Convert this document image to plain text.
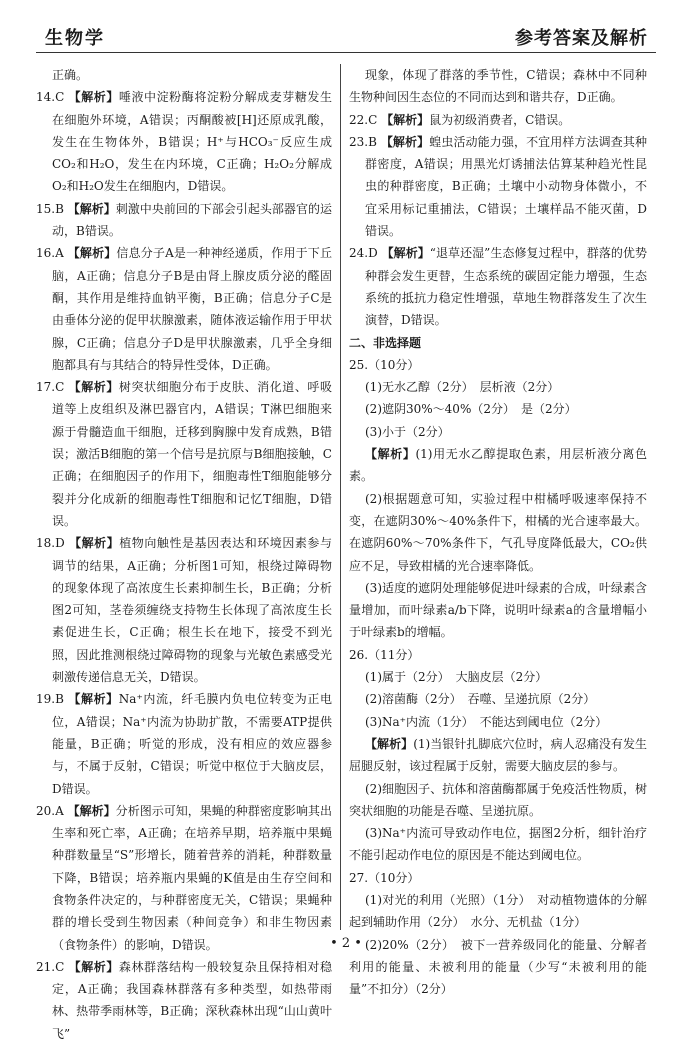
生物学	参考答案及解析

正确。

14.C 【解析】唾液中淀粉酶将淀粉分解成麦芽糖发生在细胞外环境，A错误；丙酮酸被[H]还原成乳酸，发生在生物体外，B错误；H⁺与HCO₃⁻反应生成CO₂和H₂O，发生在内环境，C正确；H₂O₂分解成O₂和H₂O发生在细胞内，D错误。

15.B 【解析】刺激中央前回的下部会引起头部器官的运动，B错误。

16.A 【解析】信息分子A是一种神经递质，作用于下丘脑，A正确；信息分子B是由肾上腺皮质分泌的醛固酮，其作用是维持血钠平衡，B正确；信息分子C是由垂体分泌的促甲状腺激素，随体液运输作用于甲状腺，C正确；信息分子D是甲状腺激素，几乎全身细胞都具有与其结合的特异性受体，D正确。

17.C 【解析】树突状细胞分布于皮肤、消化道、呼吸道等上皮组织及淋巴器官内，A错误；T淋巴细胞来源于骨髓造血干细胞，迁移到胸腺中发育成熟，B错误；激活B细胞的第一个信号是抗原与B细胞接触，C正确；在细胞因子的作用下，细胞毒性T细胞能够分裂并分化成新的细胞毒性T细胞和记忆T细胞，D错误。

18.D 【解析】植物向触性是基因表达和环境因素参与调节的结果，A正确；分析图1可知，根绕过障碍物的现象体现了高浓度生长素抑制生长，B正确；分析图2可知，茎卷须缠绕支持物生长体现了高浓度生长素促进生长，C正确；根生长在地下，接受不到光照，因此推测根绕过障碍物的现象与光敏色素感受光刺激传递信息无关，D错误。

19.B 【解析】Na⁺内流，纤毛膜内负电位转变为正电位，A错误；Na⁺内流为协助扩散，不需要ATP提供能量，B正确；听觉的形成，没有相应的效应器参与，不属于反射，C错误；听觉中枢位于大脑皮层，D错误。

20.A 【解析】分析图示可知，果蝇的种群密度影响其出生率和死亡率，A正确；在培养早期，培养瓶中果蝇种群数量呈“S”形增长，随着营养的消耗，种群数量下降，B错误；培养瓶内果蝇的K值是由生存空间和食物条件决定的，与种群密度无关，C错误；果蝇种群的增长受到生物因素（种间竞争）和非生物因素（食物条件）的影响，D错误。

21.C 【解析】森林群落结构一般较复杂且保持相对稳定，A正确；我国森林群落有多种类型，如热带雨林、热带季雨林等，B正确；深秋森林出现“山山黄叶飞”

现象，体现了群落的季节性，C错误；森林中不同种生物种间因生态位的不同而达到和谐共存，D正确。

22.C 【解析】鼠为初级消费者，C错误。

23.B 【解析】蝗虫活动能力强，不宜用样方法调查其种群密度，A错误；用黑光灯诱捕法估算某种趋光性昆虫的种群密度，B正确；土壤中小动物身体微小，不宜采用标记重捕法，C错误；土壤样品不能灭菌，D错误。

24.D 【解析】“退草还湿”生态修复过程中，群落的优势种群会发生更替，生态系统的碳固定能力增强，生态系统的抵抗力稳定性增强，草地生物群落发生了次生演替，D错误。

二、非选择题

25.（10分）

(1)无水乙醇（2分）　层析液（2分）

(2)遮阴30%～40%（2分）　是（2分）

(3)小于（2分）

【解析】(1)用无水乙醇提取色素，用层析液分离色素。

(2)根据题意可知，实验过程中柑橘呼吸速率保持不变，在遮阴30%～40%条件下，柑橘的光合速率最大。在遮阴60%～70%条件下，气孔导度降低最大，CO₂供应不足，导致柑橘的光合速率降低。

(3)适度的遮阴处理能够促进叶绿素的合成，叶绿素含量增加，而叶绿素a/b下降，说明叶绿素a的含量增幅小于叶绿素b的增幅。

26.（11分）

(1)属于（2分）　大脑皮层（2分）

(2)溶菌酶（2分）　吞噬、呈递抗原（2分）

(3)Na⁺内流（1分）　不能达到阈电位（2分）

【解析】(1)当银针扎脚底穴位时，病人忍痛没有发生屈腿反射，该过程属于反射，需要大脑皮层的参与。

(2)细胞因子、抗体和溶菌酶都属于免疫活性物质，树突状细胞的功能是吞噬、呈递抗原。

(3)Na⁺内流可导致动作电位，据图2分析，细针治疗不能引起动作电位的原因是不能达到阈电位。

27.（10分）

(1)对光的利用（光照）（1分）　对动植物遗体的分解起到辅助作用（2分）　水分、无机盐（1分）

(2)20%（2分）　被下一营养级同化的能量、分解者利用的能量、未被利用的能量（少写“未被利用的能量”不扣分）（2分）

• 2 •
